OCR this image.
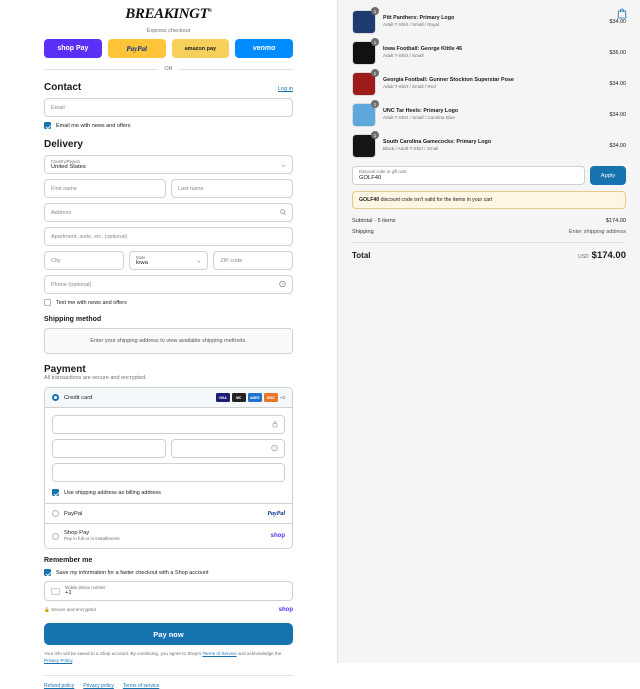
BREAKINGT®
Express checkout
shop Pay	PayPal	amazon pay	venmo
OR
Contact	Log in
Email
Email me with news and offers
Delivery
Country/Region
United States	⌄
First name	Last name
Address
Apartment, suite, etc. (optional)
City
State
Iowa	⌄	ZIP code
Phone (optional)	?
Text me with news and offers
Shipping method
Enter your shipping address to view available shipping methods.
Payment

All transactions are secure and encrypted.

Credit card	VISA	MC	AMEX	DISC	+3
?
Use shipping address as billing address
PayPal	PayPal
Shop Pay
Pay in full or in installments	shop
Remember me
Save my information for a faster checkout with a Shop account
Mobile phone number
+1
🔒 Secure and encrypted	shop
Pay now
Your info will be saved to a Shop account. By continuing, you agree to Shop's Terms of Service and acknowledge the Privacy Policy.
Refund policy Privacy policy Terms of service
1
Pitt Panthers: Primary Logo
Adult T-Shirt / Small / Royal	$34.00
1
Iowa Football: George Kittle 46
Adult T-Shirt / Small	$36.00
1
Georgia Football: Gunner Stockton Superstar Pose
Adult T-Shirt / Small / Red	$34.00
1
UNC Tar Heels: Primary Logo
Adult T-Shirt / Small / Carolina Blue	$34.00
1
South Carolina Gamecocks: Primary Logo
Black / Adult T-Shirt / Small	$34.00
Discount code or gift card
GOLF40	Apply
GOLF40 discount code isn't valid for the items in your cart
Subtotal · 5 items	$174.00
Shipping	Enter shipping address
Total	USD $174.00
